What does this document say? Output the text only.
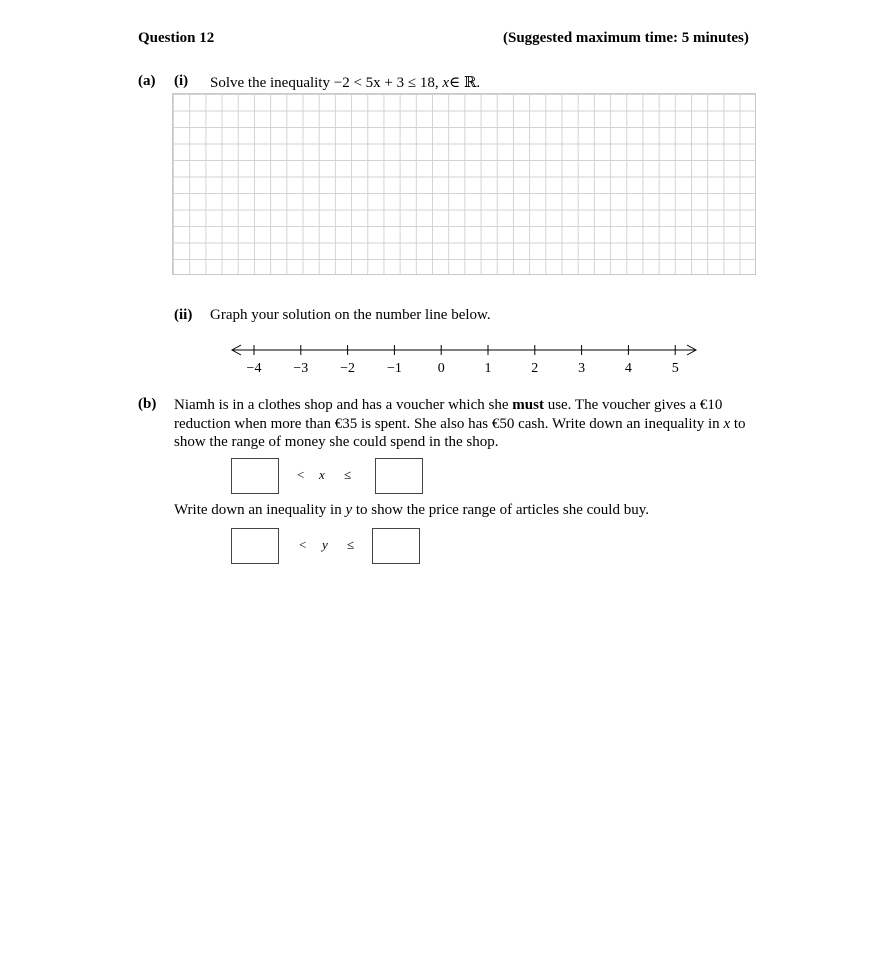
Question 12	(Suggested maximum time: 5 minutes)
(a) (i) Solve the inequality −2 < 5x + 3 ≤ 18, x∈ ℝ.
(ii) Graph your solution on the number line below.
−4 −3 −2 −1	0	1	2	3	4	5
(b) Niamh is in a clothes shop and has a voucher which she must use. The voucher gives a €10 reduction when more than €35 is spent. She also has €50 cash. Write down an inequality in x to show the range of money she could spend in the shop.
< x ≤
Write down an inequality in y to show the price range of articles she could buy.
< y ≤
